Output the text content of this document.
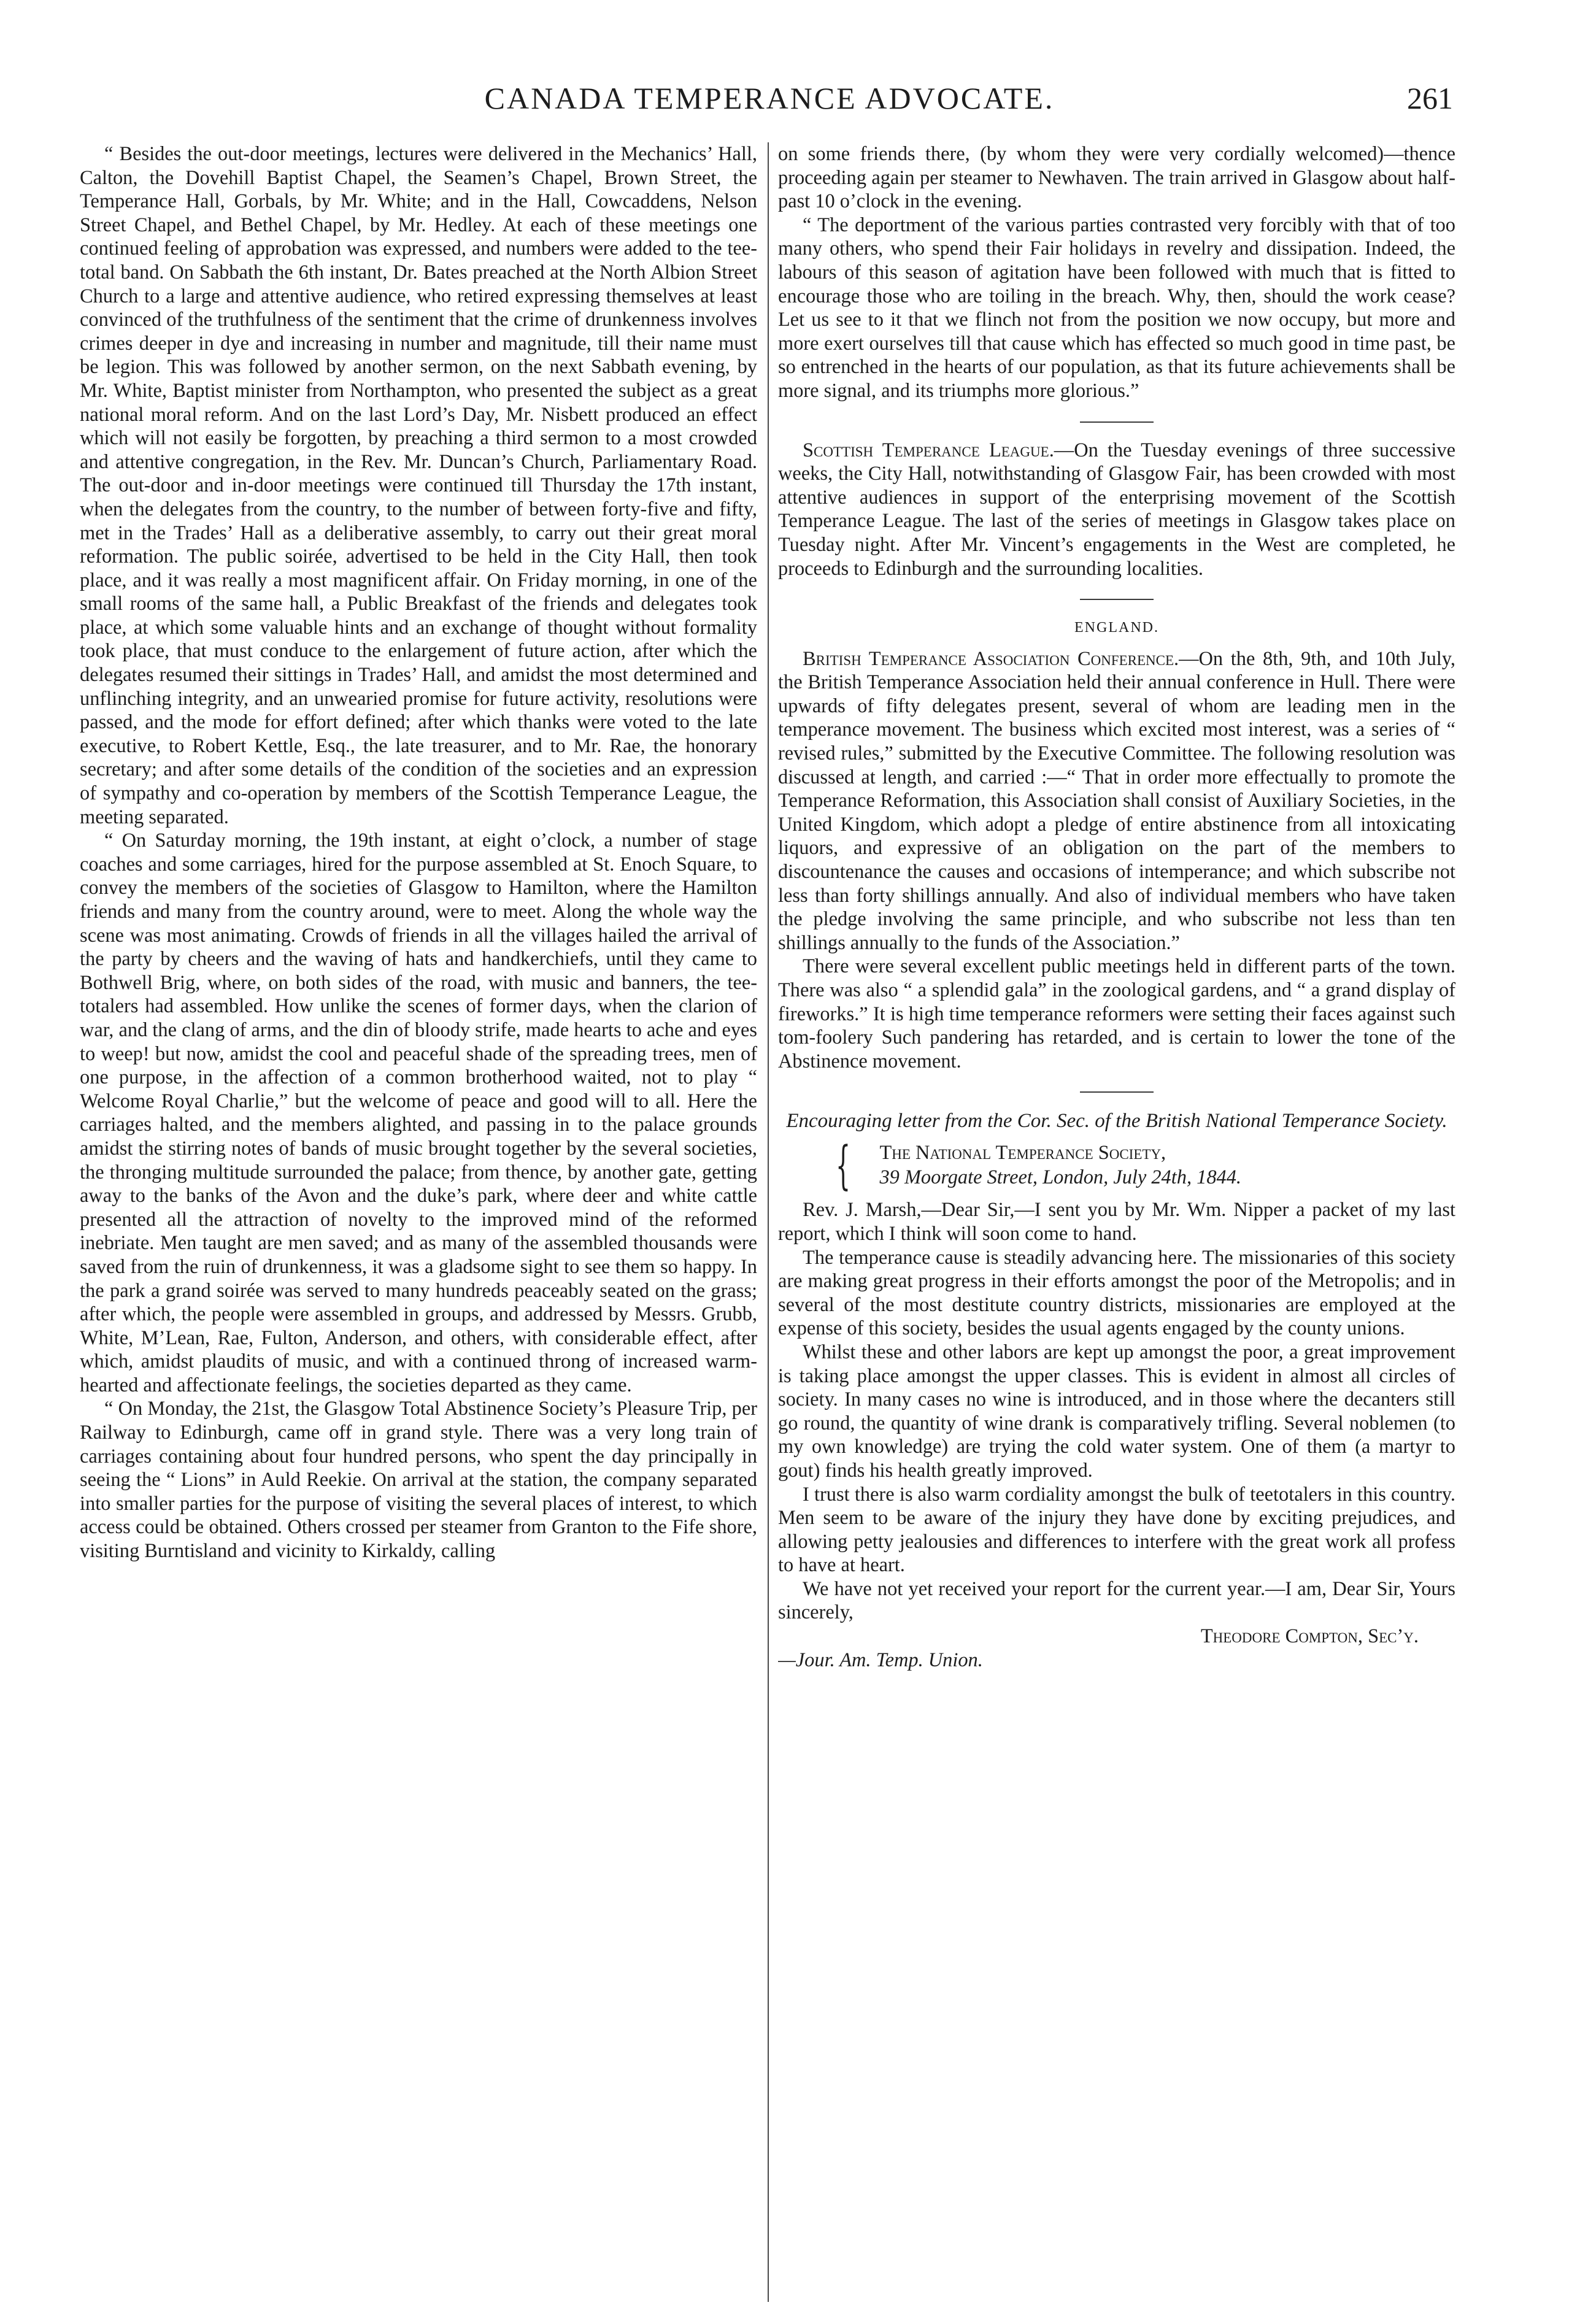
CANADA TEMPERANCE ADVOCATE.	261

“ Besides the out-door meetings, lectures were delivered in the Mechanics’ Hall, Calton, the Dovehill Baptist Chapel, the Seamen’s Chapel, Brown Street, the Temperance Hall, Gorbals, by Mr. White; and in the Hall, Cowcaddens, Nelson Street Chapel, and Bethel Chapel, by Mr. Hedley. At each of these meetings one continued feeling of approbation was expressed, and numbers were added to the tee-total band. On Sabbath the 6th instant, Dr. Bates preached at the North Albion Street Church to a large and attentive audience, who retired expressing themselves at least convinced of the truthfulness of the sentiment that the crime of drunkenness involves crimes deeper in dye and increasing in number and magnitude, till their name must be legion. This was followed by another sermon, on the next Sabbath evening, by Mr. White, Baptist minister from Northampton, who presented the subject as a great national moral reform. And on the last Lord’s Day, Mr. Nisbett produced an effect which will not easily be forgotten, by preaching a third sermon to a most crowded and attentive congregation, in the Rev. Mr. Duncan’s Church, Parliamentary Road. The out-door and in-door meetings were continued till Thursday the 17th instant, when the delegates from the country, to the number of between forty-five and fifty, met in the Trades’ Hall as a deliberative assembly, to carry out their great moral reformation. The public soirée, advertised to be held in the City Hall, then took place, and it was really a most magnificent affair. On Friday morning, in one of the small rooms of the same hall, a Public Breakfast of the friends and delegates took place, at which some valuable hints and an exchange of thought without formality took place, that must conduce to the enlargement of future action, after which the delegates resumed their sittings in Trades’ Hall, and amidst the most determined and unflinching integrity, and an unwearied promise for future activity, resolutions were passed, and the mode for effort defined; after which thanks were voted to the late executive, to Robert Kettle, Esq., the late treasurer, and to Mr. Rae, the honorary secretary; and after some details of the condition of the societies and an expression of sympathy and co-operation by members of the Scottish Temperance League, the meeting separated.

“ On Saturday morning, the 19th instant, at eight o’clock, a number of stage coaches and some carriages, hired for the purpose assembled at St. Enoch Square, to convey the members of the societies of Glasgow to Hamilton, where the Hamilton friends and many from the country around, were to meet. Along the whole way the scene was most animating. Crowds of friends in all the villages hailed the arrival of the party by cheers and the waving of hats and handkerchiefs, until they came to Bothwell Brig, where, on both sides of the road, with music and banners, the tee-totalers had assembled. How unlike the scenes of former days, when the clarion of war, and the clang of arms, and the din of bloody strife, made hearts to ache and eyes to weep! but now, amidst the cool and peaceful shade of the spreading trees, men of one purpose, in the affection of a common brotherhood waited, not to play “ Welcome Royal Charlie,” but the welcome of peace and good will to all. Here the carriages halted, and the members alighted, and passing in to the palace grounds amidst the stirring notes of bands of music brought together by the several societies, the thronging multitude surrounded the palace; from thence, by another gate, getting away to the banks of the Avon and the duke’s park, where deer and white cattle presented all the attraction of novelty to the improved mind of the reformed inebriate. Men taught are men saved; and as many of the assembled thousands were saved from the ruin of drunkenness, it was a gladsome sight to see them so happy. In the park a grand soirée was served to many hundreds peaceably seated on the grass; after which, the people were assembled in groups, and addressed by Messrs. Grubb, White, M’Lean, Rae, Fulton, Anderson, and others, with considerable effect, after which, amidst plaudits of music, and with a continued throng of increased warm-hearted and affectionate feelings, the societies departed as they came.

“ On Monday, the 21st, the Glasgow Total Abstinence Society’s Pleasure Trip, per Railway to Edinburgh, came off in grand style. There was a very long train of carriages containing about four hundred persons, who spent the day principally in seeing the “ Lions” in Auld Reekie. On arrival at the station, the company separated into smaller parties for the purpose of visiting the several places of interest, to which access could be obtained. Others crossed per steamer from Granton to the Fife shore, visiting Burntisland and vicinity to Kirkaldy, calling

on some friends there, (by whom they were very cordially welcomed)—thence proceeding again per steamer to Newhaven. The train arrived in Glasgow about half-past 10 o’clock in the evening.

“ The deportment of the various parties contrasted very forcibly with that of too many others, who spend their Fair holidays in revelry and dissipation. Indeed, the labours of this season of agitation have been followed with much that is fitted to encourage those who are toiling in the breach. Why, then, should the work cease? Let us see to it that we flinch not from the position we now occupy, but more and more exert ourselves till that cause which has effected so much good in time past, be so entrenched in the hearts of our population, as that its future achievements shall be more signal, and its triumphs more glorious.”

Scottish Temperance League.—On the Tuesday evenings of three successive weeks, the City Hall, notwithstanding of Glasgow Fair, has been crowded with most attentive audiences in support of the enterprising movement of the Scottish Temperance League. The last of the series of meetings in Glasgow takes place on Tuesday night. After Mr. Vincent’s engagements in the West are completed, he proceeds to Edinburgh and the surrounding localities.

ENGLAND.

British Temperance Association Conference.—On the 8th, 9th, and 10th July, the British Temperance Association held their annual conference in Hull. There were upwards of fifty delegates present, several of whom are leading men in the temperance movement. The business which excited most interest, was a series of “ revised rules,” submitted by the Executive Committee. The following resolution was discussed at length, and carried :—“ That in order more effectually to promote the Temperance Reformation, this Association shall consist of Auxiliary Societies, in the United Kingdom, which adopt a pledge of entire abstinence from all intoxicating liquors, and expressive of an obligation on the part of the members to discountenance the causes and occasions of intemperance; and which subscribe not less than forty shillings annually. And also of individual members who have taken the pledge involving the same principle, and who subscribe not less than ten shillings annually to the funds of the Association.”

There were several excellent public meetings held in different parts of the town. There was also “ a splendid gala” in the zoological gardens, and “ a grand display of fireworks.” It is high time temperance reformers were setting their faces against such tom-foolery Such pandering has retarded, and is certain to lower the tone of the Abstinence movement.

Encouraging letter from the Cor. Sec. of the British National Temperance Society.
{ The National Temperance Society,
39 Moorgate Street, London, July 24th, 1844.

Rev. J. Marsh,—Dear Sir,—I sent you by Mr. Wm. Nipper a packet of my last report, which I think will soon come to hand.

The temperance cause is steadily advancing here. The missionaries of this society are making great progress in their efforts amongst the poor of the Metropolis; and in several of the most destitute country districts, missionaries are employed at the expense of this society, besides the usual agents engaged by the county unions.

Whilst these and other labors are kept up amongst the poor, a great improvement is taking place amongst the upper classes. This is evident in almost all circles of society. In many cases no wine is introduced, and in those where the decanters still go round, the quantity of wine drank is comparatively trifling. Several noblemen (to my own knowledge) are trying the cold water system. One of them (a martyr to gout) finds his health greatly improved.

I trust there is also warm cordiality amongst the bulk of teetotalers in this country. Men seem to be aware of the injury they have done by exciting prejudices, and allowing petty jealousies and differences to interfere with the great work all profess to have at heart.

We have not yet received your report for the current year.—I am, Dear Sir, Yours sincerely,

Theodore Compton, Sec’y.

—Jour. Am. Temp. Union.
